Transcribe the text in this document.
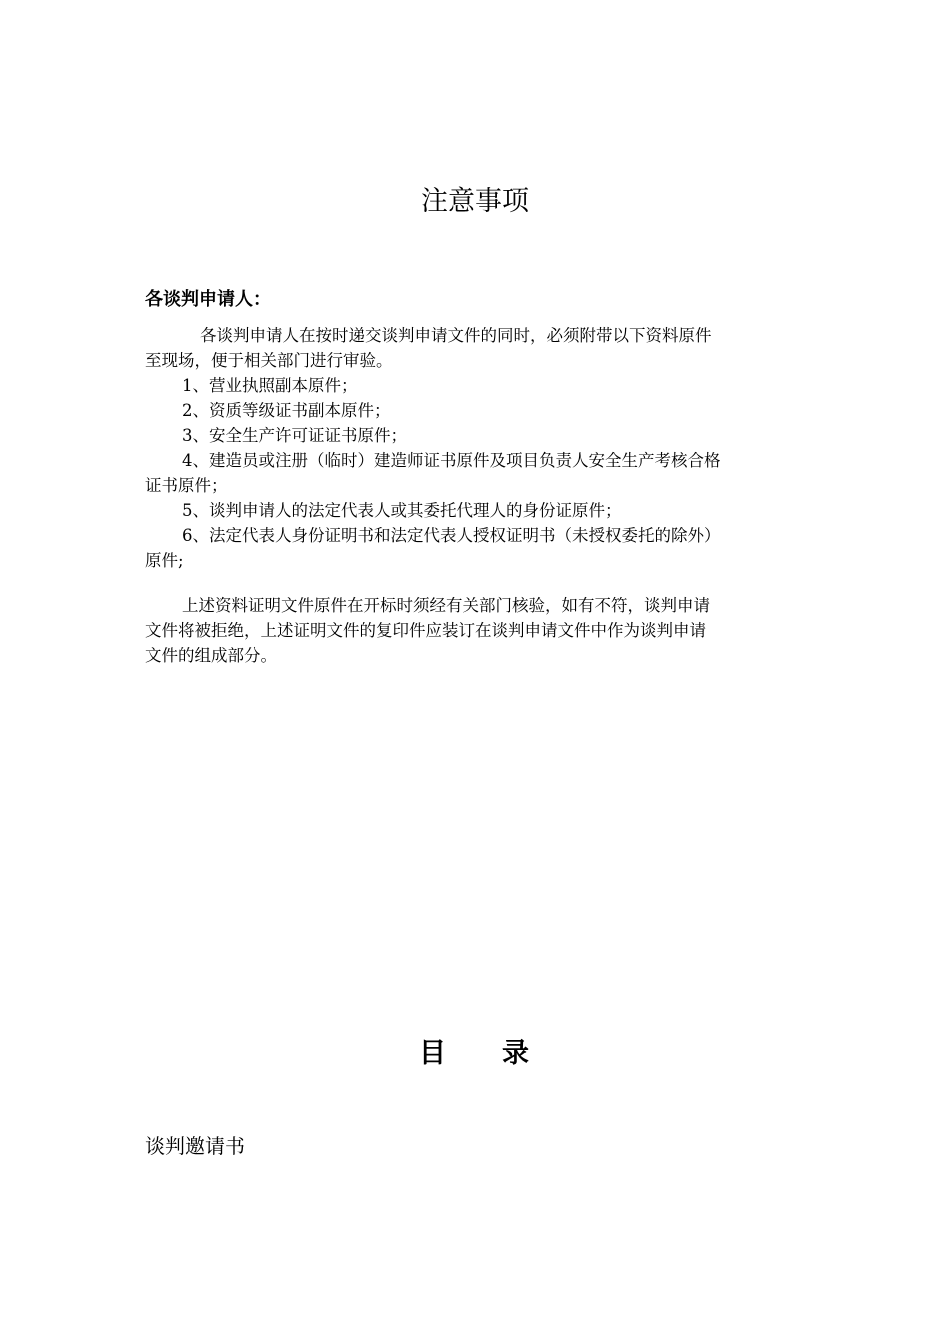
注意事项

各谈判申请人：

各谈判申请人在按时递交谈判申请文件的同时，必须附带以下资料原件

至现场，便于相关部门进行审验。

1、营业执照副本原件；

2、资质等级证书副本原件；

3、安全生产许可证证书原件；

4、建造员或注册（临时）建造师证书原件及项目负责人安全生产考核合格

证书原件；

5、谈判申请人的法定代表人或其委托代理人的身份证原件；

6、法定代表人身份证明书和法定代表人授权证明书（未授权委托的除外）

原件;

上述资料证明文件原件在开标时须经有关部门核验，如有不符，谈判申请

文件将被拒绝，上述证明文件的复印件应装订在谈判申请文件中作为谈判申请

文件的组成部分。

目 录

谈判邀请书
